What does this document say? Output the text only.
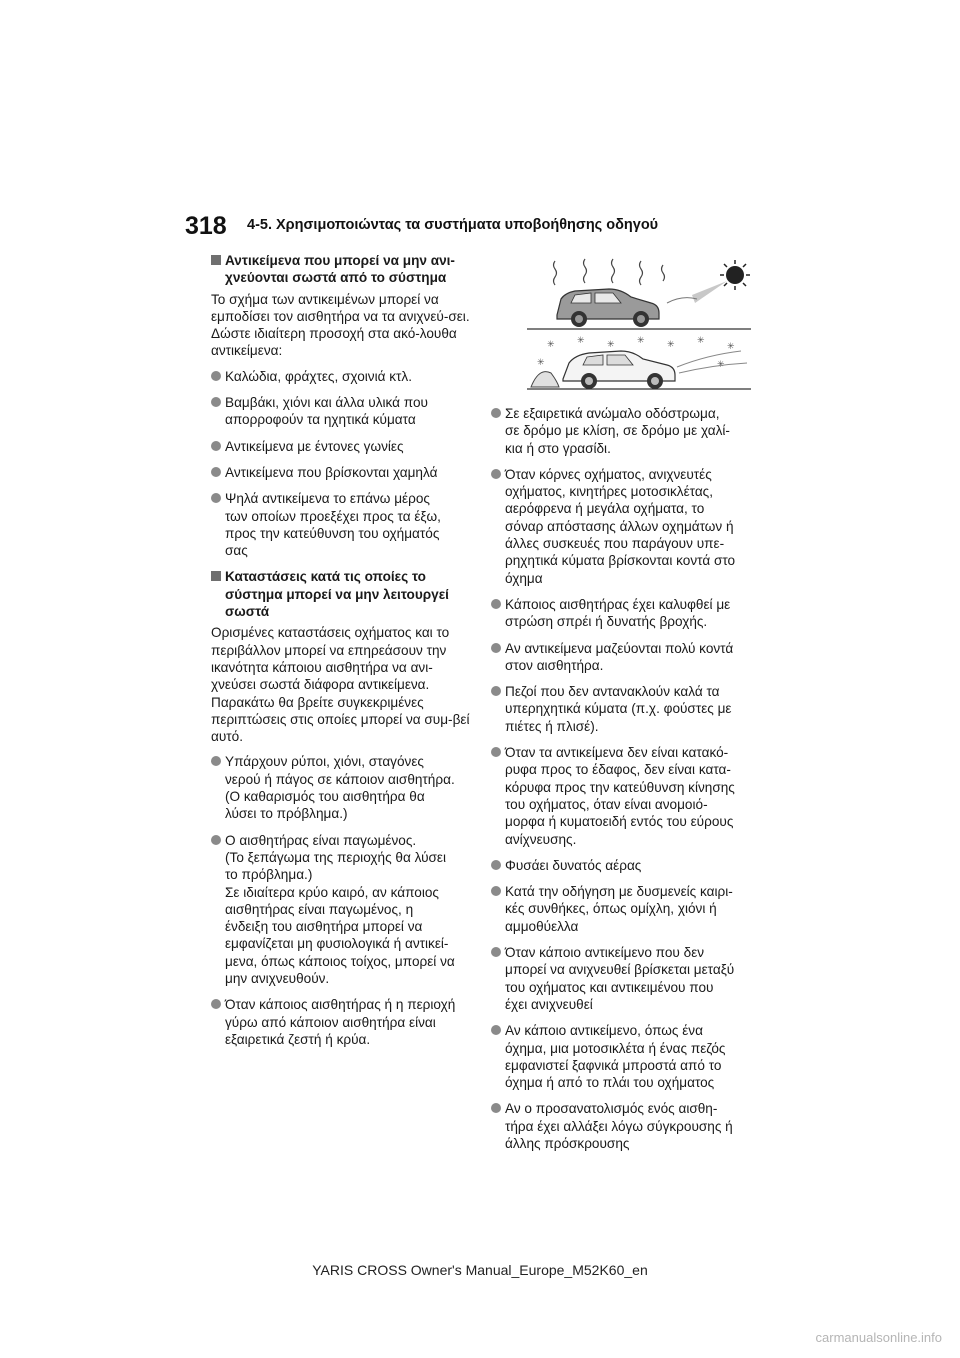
318 4-5. Χρησιμοποιώντας τα συστήματα υποβοήθησης οδηγού
Αντικείμενα που μπορεί να μην ανι-
χνεύονται σωστά από το σύστημα

Το σχήμα των αντικειμένων μπορεί να εμποδίσει τον αισθητήρα να τα ανιχνεύ-σει. Δώστε ιδιαίτερη προσοχή στα ακό-λουθα αντικείμενα:

Καλώδια, φράχτες, σχοινιά κτλ.
Βαμβάκι, χιόνι και άλλα υλικά που
απορροφούν τα ηχητικά κύματα
Αντικείμενα με έντονες γωνίες
Αντικείμενα που βρίσκονται χαμηλά
Ψηλά αντικείμενα το επάνω μέρος
των οποίων προεξέχει προς τα έξω,
προς την κατεύθυνση του οχήματός
σας
Καταστάσεις κατά τις οποίες το
σύστημα μπορεί να μην λειτουργεί
σωστά

Ορισμένες καταστάσεις οχήματος και το περιβάλλον μπορεί να επηρεάσουν την ικανότητα κάποιου αισθητήρα να ανι-χνεύσει σωστά διάφορα αντικείμενα. Παρακάτω θα βρείτε συγκεκριμένες περιπτώσεις στις οποίες μπορεί να συμ-βεί αυτό.

Υπάρχουν ρύποι, χιόνι, σταγόνες
νερού ή πάγος σε κάποιον αισθητήρα.
(Ο καθαρισμός του αισθητήρα θα
λύσει το πρόβλημα.)
Ο αισθητήρας είναι παγωμένος.
(Το ξεπάγωμα της περιοχής θα λύσει
το πρόβλημα.)
Σε ιδιαίτερα κρύο καιρό, αν κάποιος
αισθητήρας είναι παγωμένος, η
ένδειξη του αισθητήρα μπορεί να
εμφανίζεται μη φυσιολογικά ή αντικεί-
μενα, όπως κάποιος τοίχος, μπορεί να
μην ανιχνευθούν.
Όταν κάποιος αισθητήρας ή η περιοχή
γύρω από κάποιον αισθητήρα είναι
εξαιρετικά ζεστή ή κρύα.
✳ ✳ ✳ ✳ ✳ ✳
✳
✳	✳
Σε εξαιρετικά ανώμαλο οδόστρωμα,
σε δρόμο με κλίση, σε δρόμο με χαλί-
κια ή στο γρασίδι.
Όταν κόρνες οχήματος, ανιχνευτές
οχήματος, κινητήρες μοτοσικλέτας,
αερόφρενα ή μεγάλα οχήματα, το
σόναρ απόστασης άλλων οχημάτων ή
άλλες συσκευές που παράγουν υπε-
ρηχητικά κύματα βρίσκονται κοντά στο
όχημα
Κάποιος αισθητήρας έχει καλυφθεί με
στρώση σπρέι ή δυνατής βροχής.
Αν αντικείμενα μαζεύονται πολύ κοντά
στον αισθητήρα.
Πεζοί που δεν αντανακλούν καλά τα
υπερηχητικά κύματα (π.χ. φούστες με
πιέτες ή πλισέ).
Όταν τα αντικείμενα δεν είναι κατακό-
ρυφα προς το έδαφος, δεν είναι κατα-
κόρυφα προς την κατεύθυνση κίνησης
του οχήματος, όταν είναι ανομοιό-
μορφα ή κυματοειδή εντός του εύρους
ανίχνευσης.
Φυσάει δυνατός αέρας
Κατά την οδήγηση με δυσμενείς καιρι-
κές συνθήκες, όπως ομίχλη, χιόνι ή
αμμοθύελλα
Όταν κάποιο αντικείμενο που δεν
μπορεί να ανιχνευθεί βρίσκεται μεταξύ
του οχήματος και αντικειμένου που
έχει ανιχνευθεί
Αν κάποιο αντικείμενο, όπως ένα
όχημα, μια μοτοσικλέτα ή ένας πεζός
εμφανιστεί ξαφνικά μπροστά από το
όχημα ή από το πλάι του οχήματος
Αν ο προσανατολισμός ενός αισθη-
τήρα έχει αλλάξει λόγω σύγκρουσης ή
άλλης πρόσκρουσης
YARIS CROSS Owner's Manual_Europe_M52K60_en
carmanualsonline.info
